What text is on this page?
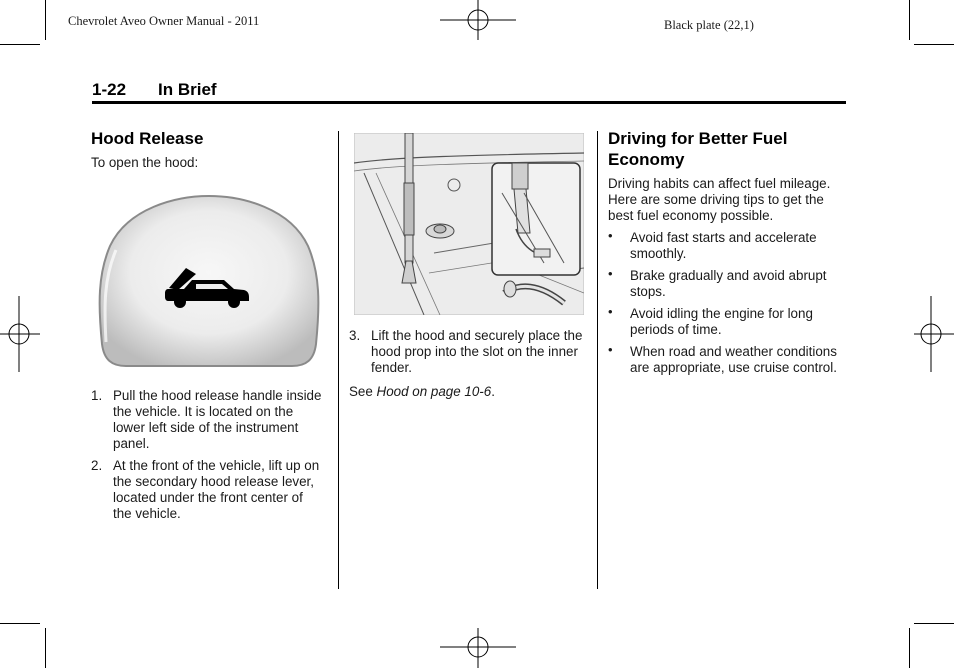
Chevrolet Aveo Owner Manual - 2011	Black plate (22,1)
1-22 In Brief
Hood Release
To open the hood:
1. Pull the hood release handle inside the vehicle. It is located on the lower left side of the instrument panel.
2. At the front of the vehicle, lift up on the secondary hood release lever, located under the front center of the vehicle.
3. Lift the hood and securely place the hood prop into the slot on the inner fender.
See Hood on page 10-6.
Driving for Better Fuel Economy
Driving habits can affect fuel mileage. Here are some driving tips to get the best fuel economy possible.
• Avoid fast starts and accelerate smoothly.
• Brake gradually and avoid abrupt stops.
• Avoid idling the engine for long periods of time.
• When road and weather conditions are appropriate, use cruise control.
